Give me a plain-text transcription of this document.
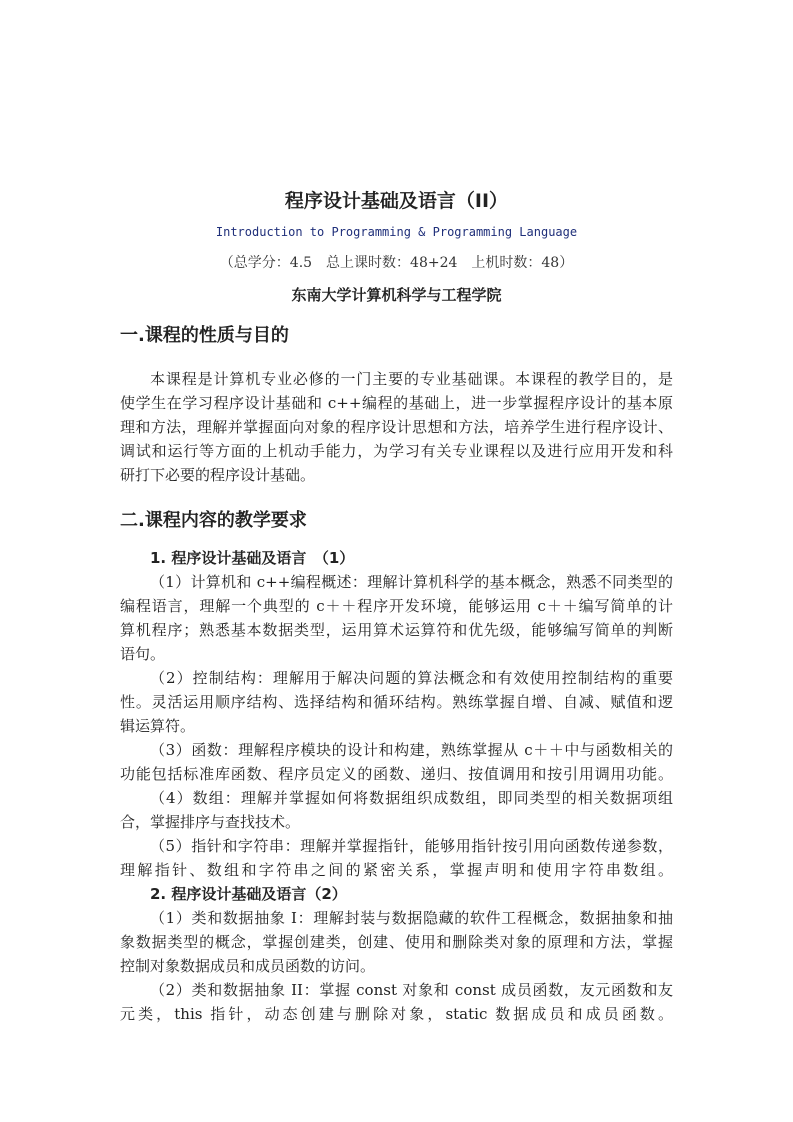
程序设计基础及语言（II）
Introduction to Programming & Programming Language
（总学分：4.5　总上课时数：48+24　上机时数：48）
东南大学计算机科学与工程学院
一.课程的性质与目的
本课程是计算机专业必修的一门主要的专业基础课。本课程的教学目的，是
使学生在学习程序设计基础和 c++编程的基础上，进一步掌握程序设计的基本原
理和方法，理解并掌握面向对象的程序设计思想和方法，培养学生进行程序设计、
调试和运行等方面的上机动手能力，为学习有关专业课程以及进行应用开发和科
研打下必要的程序设计基础。
二.课程内容的教学要求
1. 程序设计基础及语言　（1）
（1）计算机和 c++编程概述：理解计算机科学的基本概念，熟悉不同类型的
编程语言，理解一个典型的 c＋＋程序开发环境，能够运用 c＋＋编写简单的计
算机程序；熟悉基本数据类型，运用算术运算符和优先级，能够编写简单的判断
语句。
（2）控制结构：理解用于解决问题的算法概念和有效使用控制结构的重要
性。灵活运用顺序结构、选择结构和循环结构。熟练掌握自增、自减、赋值和逻
辑运算符。
（3）函数：理解程序模块的设计和构建，熟练掌握从 c＋＋中与函数相关的
功能包括标准库函数、程序员定义的函数、递归、按值调用和按引用调用功能。
（4）数组：理解并掌握如何将数据组织成数组，即同类型的相关数据项组
合，掌握排序与查找技术。
（5）指针和字符串：理解并掌握指针，能够用指针按引用向函数传递参数，
理解指针、数组和字符串之间的紧密关系，掌握声明和使用字符串数组。
2. 程序设计基础及语言（2）
（1）类和数据抽象 I：理解封装与数据隐藏的软件工程概念，数据抽象和抽
象数据类型的概念，掌握创建类，创建、使用和删除类对象的原理和方法，掌握
控制对象数据成员和成员函数的访问。
（2）类和数据抽象 II：掌握 const 对象和 const 成员函数，友元函数和友
元类，this 指针，动态创建与删除对象，static 数据成员和成员函数。
